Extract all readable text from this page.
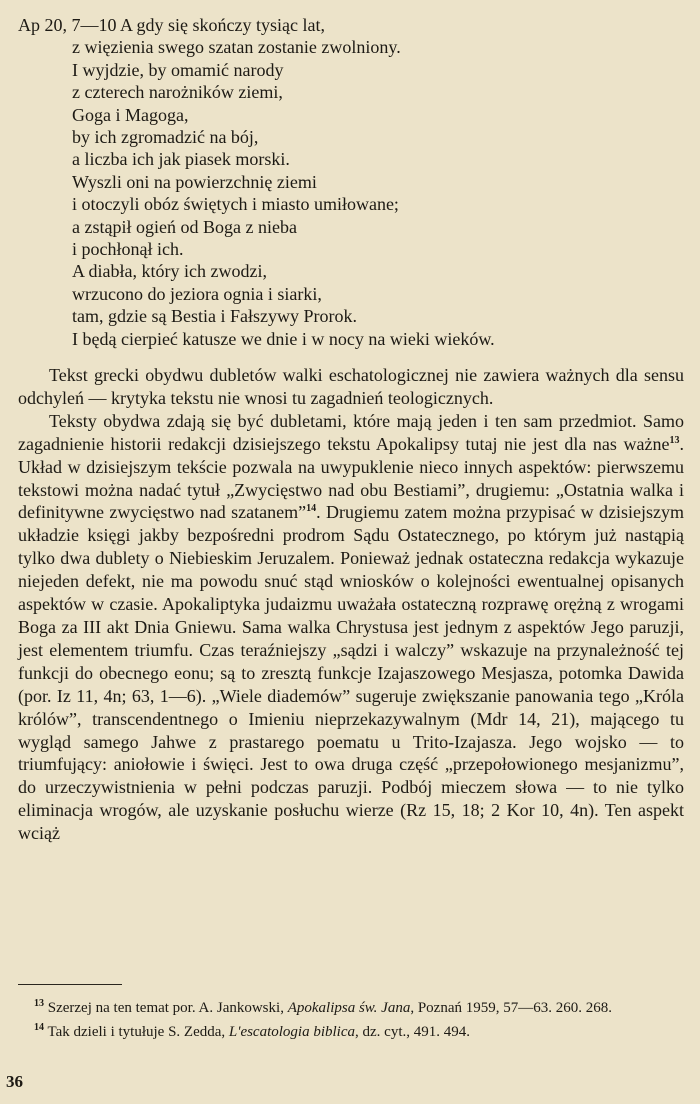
Ap 20, 7—10 A gdy się skończy tysiąc lat,
z więzienia swego szatan zostanie zwolniony.
I wyjdzie, by omamić narody
z czterech narożników ziemi,
Goga i Magoga,
by ich zgromadzić na bój,
a liczba ich jak piasek morski.
Wyszli oni na powierzchnię ziemi
i otoczyli obóz świętych i miasto umiłowane;
a zstąpił ogień od Boga z nieba
i pochłonął ich.
A diabła, który ich zwodzi,
wrzucono do jeziora ognia i siarki,
tam, gdzie są Bestia i Fałszywy Prorok.
I będą cierpieć katusze we dnie i w nocy na wieki wieków.

Tekst grecki obydwu dubletów walki eschatologicznej nie zawiera ważnych dla sensu odchyleń — krytyka tekstu nie wnosi tu zagadnień teologicznych.

Teksty obydwa zdają się być dubletami, które mają jeden i ten sam przedmiot. Samo zagadnienie historii redakcji dzisiejszego tekstu Apokalipsy tutaj nie jest dla nas ważne$^{13}$. Układ w dzisiejszym tekście pozwala na uwypuklenie nieco innych aspektów: pierwszemu tekstowi można nadać tytuł „Zwycięstwo nad obu Bestiami”, drugiemu: „Ostatnia walka i definitywne zwycięstwo nad szatanem”$^{14}$. Drugiemu zatem można przypisać w dzisiejszym układzie księgi jakby bezpośredni prodrom Sądu Ostatecznego, po którym już nastąpią tylko dwa dublety o Niebieskim Jeruzalem. Ponieważ jednak ostateczna redakcja wykazuje niejeden defekt, nie ma powodu snuć stąd wniosków o kolejności ewentualnej opisanych aspektów w czasie. Apokaliptyka judaizmu uważała ostateczną rozprawę orężną z wrogami Boga za III akt Dnia Gniewu. Sama walka Chrystusa jest jednym z aspektów Jego paruzji, jest elementem triumfu. Czas teraźniejszy „sądzi i walczy” wskazuje na przynależność tej funkcji do obecnego eonu; są to zresztą funkcje Izajaszowego Mesjasza, potomka Dawida (por. Iz 11, 4n; 63, 1—6). „Wiele diademów” sugeruje zwiększanie panowania tego „Króla królów”, transcendentnego o Imieniu nieprzekazywalnym (Mdr 14, 21), mającego tu wygląd samego Jahwe z prastarego poematu u Trito-Izajasza. Jego wojsko — to triumfujący: aniołowie i święci. Jest to owa druga część „przepołowionego mesjanizmu”, do urzeczywistnienia w pełni podczas paruzji. Podbój mieczem słowa — to nie tylko eliminacja wrogów, ale uzyskanie posłuchu wierze (Rz 15, 18; 2 Kor 10, 4n). Ten aspekt wciąż

$^{13}$ Szerzej na ten temat por. A. Jankowski, Apokalipsa św. Jana, Poznań 1959, 57—63. 260. 268.
$^{14}$ Tak dzieli i tytułuje S. Zedda, L'escatologia biblica, dz. cyt., 491. 494.
36
